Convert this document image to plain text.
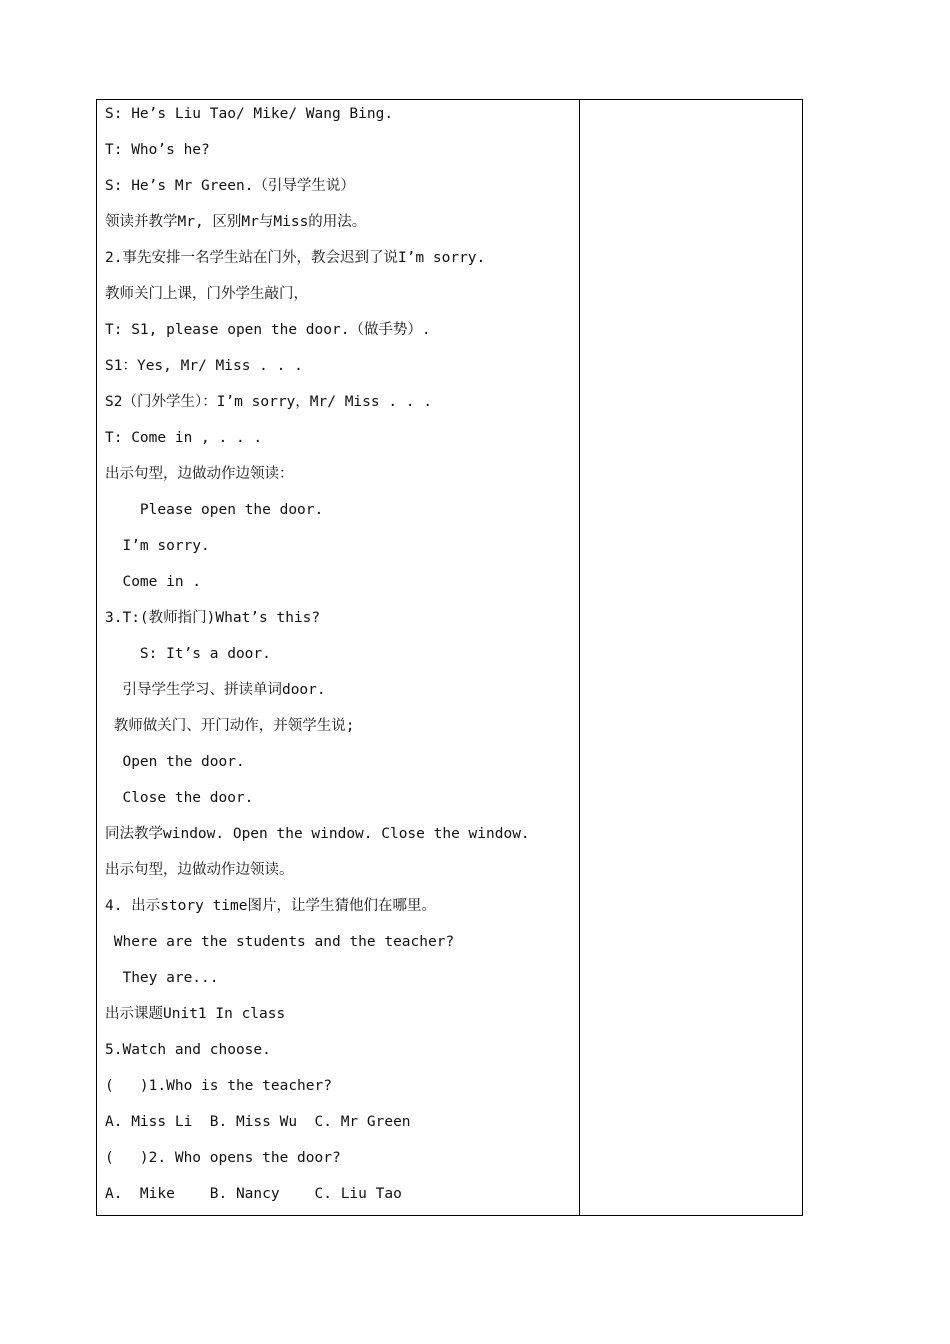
S: He’s Liu Tao/ Mike/ Wang Bing.
T: Who’s he?
S: He’s Mr Green.（引导学生说）
领读并教学Mr, 区别Mr与Miss的用法。
2.事先安排一名学生站在门外，教会迟到了说I’m sorry.
教师关门上课，门外学生敲门，
T: S1, please open the door.（做手势）.
S1：Yes, Mr/ Miss . . .
S2（门外学生）：I’m sorry，Mr/ Miss . . .
T: Come in , . . .
出示句型，边做动作边领读：
Please open the door.
I’m sorry.
Come in .
3.T:(教师指门)What’s this?
S: It’s a door.
引导学生学习、拼读单词door.
教师做关门、开门动作，并领学生说;
Open the door.
Close the door.
同法教学window. Open the window. Close the window.
出示句型，边做动作边领读。
4. 出示story time图片，让学生猜他们在哪里。
Where are the students and the teacher?
They are...
出示课题Unit1 In class
5.Watch and choose.
(   )1.Who is the teacher?
A. Miss Li  B. Miss Wu  C. Mr Green
(   )2. Who opens the door?
A.  Mike    B. Nancy    C. Liu Tao
